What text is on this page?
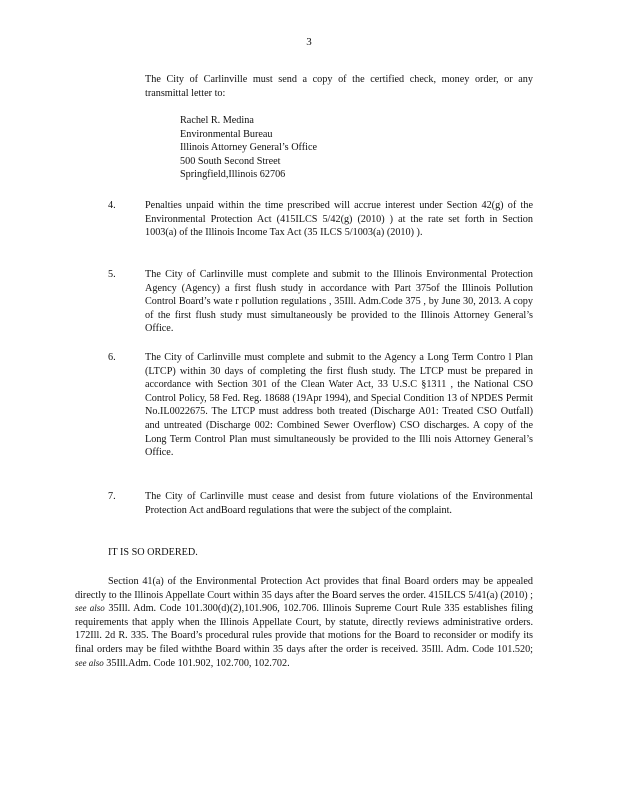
3
The City of Carlinville must send a copy of the certified check, money order, or any transmittal letter to:
Rachel R. Medina
Environmental Bureau
Illinois Attorney General’s Office
500 South Second Street
Springfield,Illinois 62706
4.	Penalties unpaid within the time prescribed will accrue interest under Section 42(g) of the Environmental Protection Act (415ILCS 5/42(g) (2010) ) at the rate set forth in Section 1003(a) of the Illinois Income Tax Act (35 ILCS 5/1003(a) (2010) ).
5.	The City of Carlinville must complete and submit to the Illinois Environmental Protection Agency (Agency) a first flush study in accordance with Part 375of the Illinois Pollution Control Board’s wate r pollution regulations , 35Ill. Adm.Code 375 , by June 30, 2013. A copy of the first flush study must simultaneously be provided to the Illinois Attorney General’s Office.
6.	The City of Carlinville must complete and submit to the Agency a Long Term Contro l Plan (LTCP) within 30 days of completing the first flush study. The LTCP must be prepared in accordance with Section 301 of the Clean Water Act, 33 U.S.C §1311 , the National CSO Control Policy, 58 Fed. Reg. 18688 (19Apr 1994), and Special Condition 13 of NPDES Permit No.IL0022675. The LTCP must address both treated (Discharge A01: Treated CSO Outfall) and untreated (Discharge 002: Combined Sewer Overflow) CSO discharges. A copy of the Long Term Control Plan must simultaneously be provided to the Illi nois Attorney General’s Office.
7.	The City of Carlinville must cease and desist from future violations of the Environmental Protection Act andBoard regulations that were the subject of the complaint.
IT IS SO ORDERED.
Section 41(a) of the Environmental Protection Act provides that final Board orders may be appealed directly to the Illinois Appellate Court within 35 days after the Board serves the order. 415ILCS 5/41(a) (2010) ; see also 35Ill. Adm. Code 101.300(d)(2),101.906, 102.706. Illinois Supreme Court Rule 335 establishes filing requirements that apply when the Illinois Appellate Court, by statute, directly reviews administrative orders. 172Ill. 2d R. 335. The Board’s procedural rules provide that motions for the Board to reconsider or modify its final orders may be filed withthe Board within 35 days after the order is received. 35Ill. Adm. Code 101.520; see also 35Ill.Adm. Code 101.902, 102.700, 102.702.
